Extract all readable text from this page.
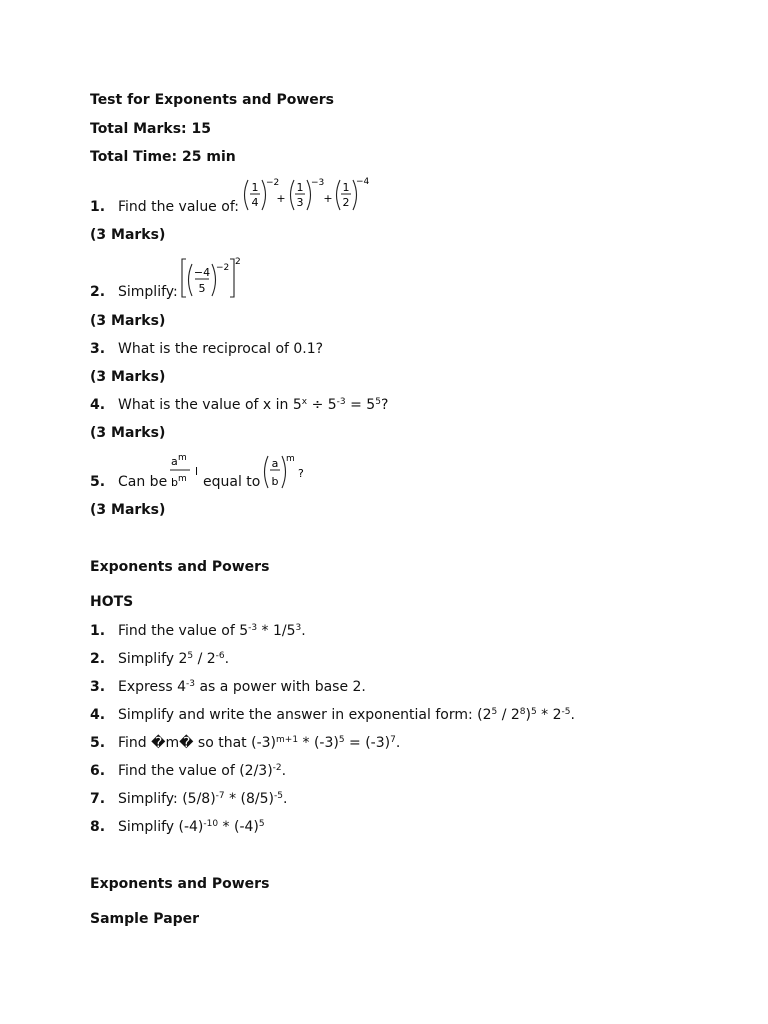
Test for Exponents and Powers
Total Marks: 15
Total Time: 25 min
1. Find the value of:
1
4
−2
+
1
3
−3
+
1
2
−4
(3 Marks)
2. Simplify:
−4
5
−2
2
(3 Marks)
3. What is the reciprocal of 0.1?
(3 Marks)
4. What is the value of x in $5^x \div 5^{-3} = 5^5$?
(3 Marks)
5. Can be
a m
b m
l
equal to
a
b
m
?
(3 Marks)
Exponents and Powers
HOTS
1. Find the value of $5^{-3} * 1/5^3$.
2. Simplify $2^5 / 2^{-6}$.
3. Express $4^{-3}$ as a power with base 2.
4. Simplify and write the answer in exponential form: $(2^5 / 2^8)^5 * 2^{-5}$.
5. Find �m� so that $(-3)^{m+1} * (-3)^5 = (-3)^7$.
6. Find the value of $(2/3)^{-2}$.
7. Simplify: $(5/8)^{-7} * (8/5)^{-5}$.
8. Simplify $(-4)^{-10} * (-4)^5$
Exponents and Powers
Sample Paper
